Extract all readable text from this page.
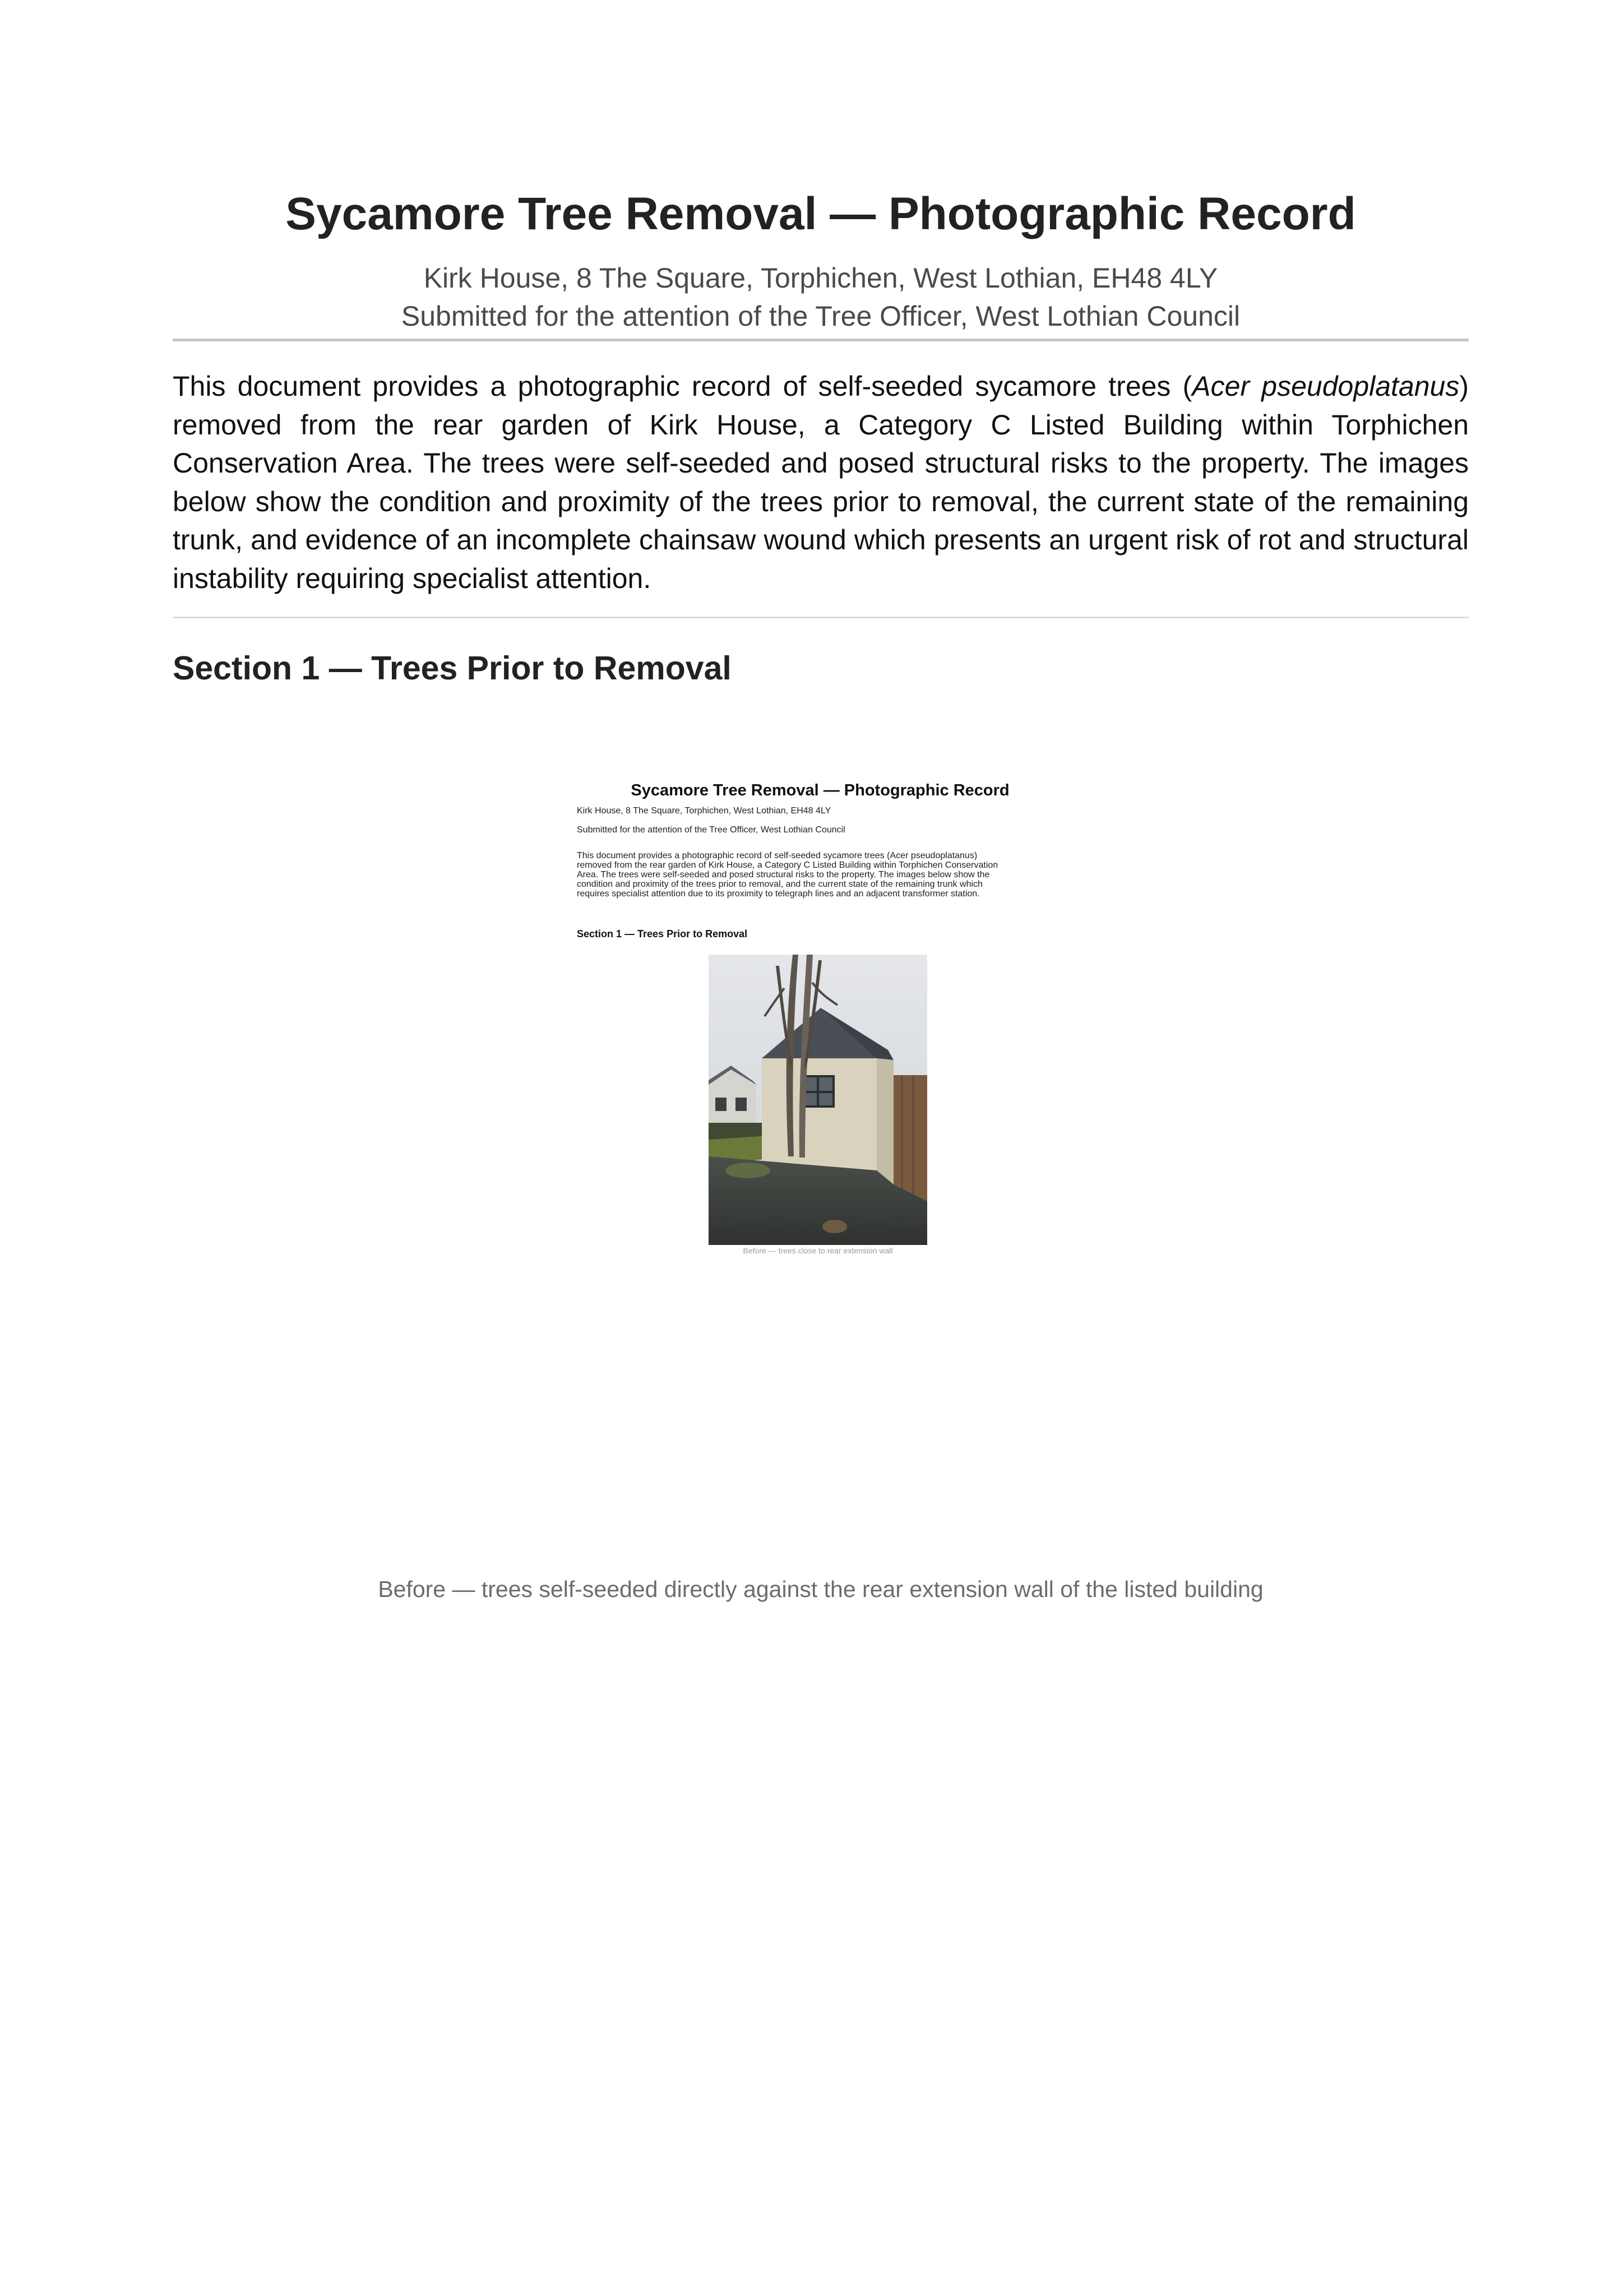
Sycamore Tree Removal — Photographic Record
Kirk House, 8 The Square, Torphichen, West Lothian, EH48 4LY
Submitted for the attention of the Tree Officer, West Lothian Council

This document provides a photographic record of self-seeded sycamore trees (Acer pseudoplatanus) removed from the rear garden of Kirk House, a Category C Listed Building within Torphichen Conservation Area. The trees were self-seeded and posed structural risks to the property. The images below show the condition and proximity of the trees prior to removal, the current state of the remaining trunk, and evidence of an incomplete chainsaw wound which presents an urgent risk of rot and structural instability requiring specialist attention.

Section 1 — Trees Prior to Removal
Sycamore Tree Removal — Photographic Record
Kirk House, 8 The Square, Torphichen, West Lothian, EH48 4LY
Submitted for the attention of the Tree Officer, West Lothian Council

This document provides a photographic record of self-seeded sycamore trees (Acer pseudoplatanus)
removed from the rear garden of Kirk House, a Category C Listed Building within Torphichen Conservation
Area. The trees were self-seeded and posed structural risks to the property. The images below show the
condition and proximity of the trees prior to removal, and the current state of the remaining trunk which
requires specialist attention due to its proximity to telegraph lines and an adjacent transformer station.

Section 1 — Trees Prior to Removal
Before — trees close to rear extension wall
Before — trees self-seeded directly against the rear extension wall of the listed building
